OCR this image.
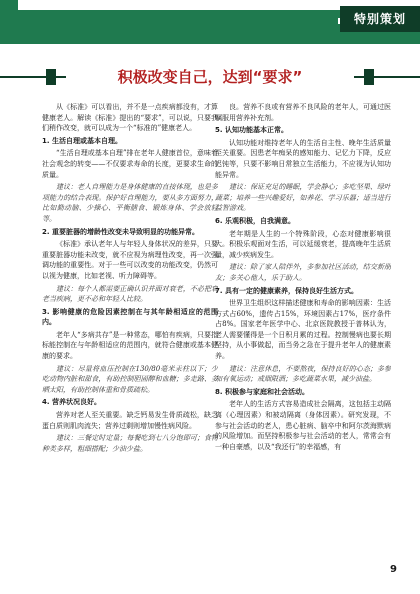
特别策划
积极改变自己，达到“要求”

从《标准》可以看出，并不是一点疾病都没有，才算健康老人。解读《标准》提出的“要求”，可以说，只要我们稍作改变，就可以成为一个“标准的”健康老人。

1. 生活自理或基本自理。

“生活自理或基本自理”排在老年人健康首位，意味着社会观念的转变——不仅要求寿命的长度，更要求生命的质量。

建议：老人自理能力是身体健康的直接体现，也是多项能力的结合表现。保护好自理能力，要从多方面努力，比如勤动脑、少操心、平衡膳食、锻炼身体、学会放轻等。

2. 重要脏器的增龄性改变未导致明显的功能异常。

《标准》承认老年人与年轻人身体状况的差异，只要重要脏器功能未改变，就不应视为病理性改变，再一次强调功能的重要性。对于一些可以改变的功能改变，仍然可以视为健康，比如老视、听力障碍等。

建议：每个人都需要正确认识并面对衰老，不必把衰老当疾病，更不必和年轻人比较。

3. 影响健康的危险因素控制在与其年龄相适应的范围内。

老年人“多病共存”是一种常态，哪怕有疾病，只要指标能控制在与年龄相适应的范围内，就符合健康或基本健康的要求。

建议：尽量将血压控制在130/80毫米汞柱以下；少吃动物内脏和甜食，有助控制胆固醇和血糖；多走路、多晒太阳，有助控制体重和骨质疏松。

4. 营养状况良好。

营养对老人至关重要。缺乏钙易发生骨质疏松，缺乏蛋白质则肌肉流失；营养过剩则增加慢性病风险。

建议：三餐定时定量；每餐吃到七八分饱即可；食物种类多样，粗细搭配；少油少盐。

良。营养不良或有营养不良风险的老年人，可通过医嘱服用营养补充剂。

5. 认知功能基本正常。

认知功能对维持老年人的生活自主性、晚年生活质量至关重要。因患老年痴呆的感知能力、记忆力下降，反应迟钝等，只要不影响日常独立生活能力，不应视为认知功能异常。

建议：保证充足的睡眠，学会静心；多吃坚果、绿叶蔬菜；培养一些兴趣爱好，如养花、学习乐器；适当进行益智游戏。

6. 乐观积极，自我满意。

老年期是人生的一个特殊阶段，心态对健康影响很大。积极乐观面对生活，可以延缓衰老，提高晚年生活质量，减少疾病发生。

建议：除了家人陪伴外，多参加社区活动，结交新朋友；多关心他人，乐于助人。

7. 具有一定的健康素养，保持良好生活方式。

世界卫生组织这样描述健康和寿命的影响因素：生活方式占60%，遗传占15%，环境因素占17%，医疗条件占8%。国家老年医学中心、北京医院教授于普林认为，老人需要懂得是一个日积月累的过程。控制慢病也要长期坚持，从小事做起，而当务之急在于提升老年人的健康素养。

建议：注意休息，不要熬夜，保持良好的心态；多参加有氧运动；戒烟限酒；多吃蔬菜水果，减少油盐。

8. 积极参与家庭和社会活动。

老年人的生活方式容易造成社会隔离，这包括主动隔离（心理因素）和被动隔离（身体因素）。研究发现，不参与社会活动的老人，患心脏病、脑卒中和阿尔茨海默病的风险增加。而坚持积极参与社会活动的老人，常常会有一种自豪感，以及“我还行”的幸福感，有

9
